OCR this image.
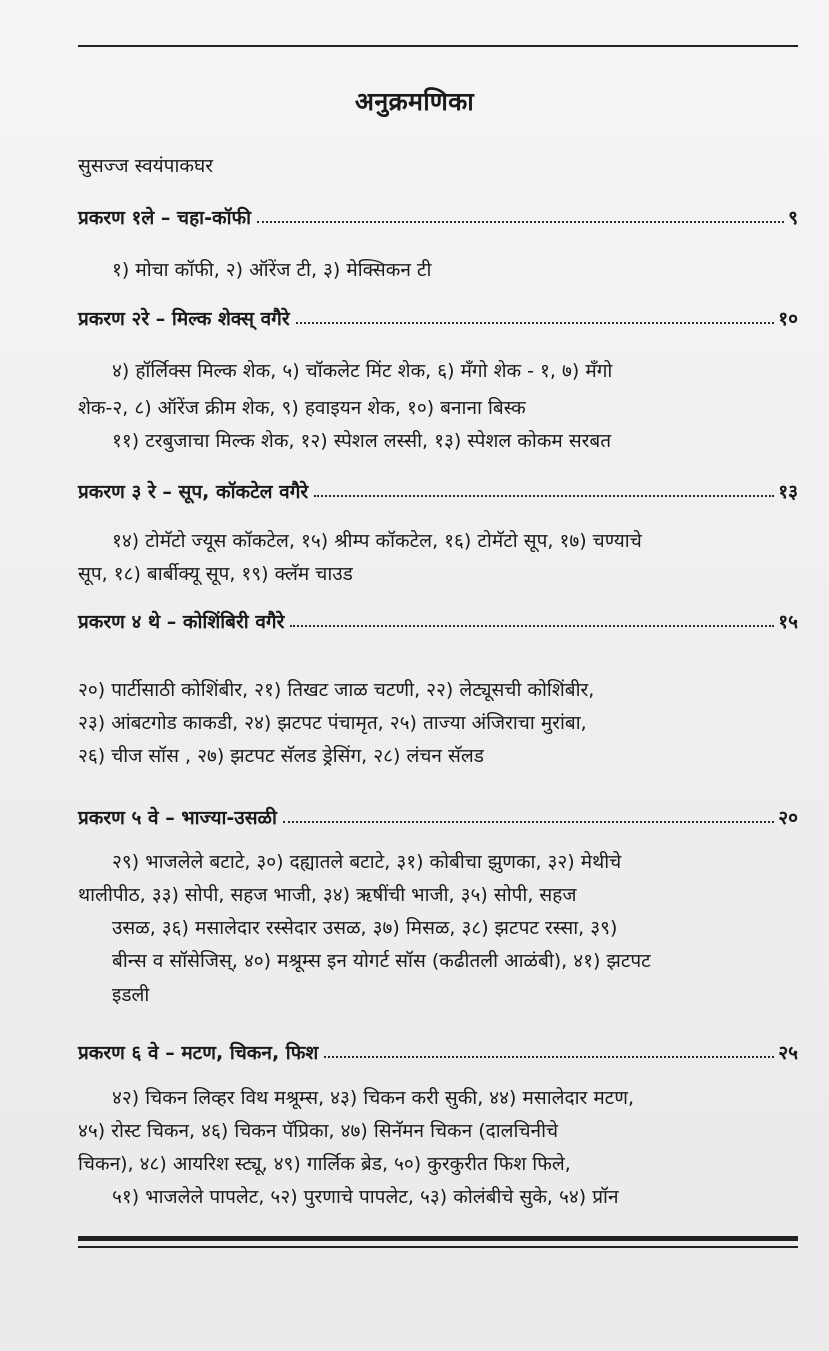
अनुक्रमणिका
सुसज्ज स्वयंपाकघर
प्रकरण १ले – चहा-कॉफी	९
१) मोचा कॉफी, २) ऑरेंज टी, ३) मेक्सिकन टी
प्रकरण २रे – मिल्क शेक्स् वगैरे	१०
४) हॉर्लिक्स मिल्क शेक, ५) चॉकलेट मिंट शेक, ६) मँगो शेक - १, ७) मँगो
शेक-२, ८) ऑरेंज क्रीम शेक, ९) हवाइयन शेक, १०) बनाना बिस्क
११) टरबुजाचा मिल्क शेक, १२) स्पेशल लस्सी, १३) स्पेशल कोकम सरबत
प्रकरण ३ रे – सूप, कॉकटेल वगैरे	१३
१४) टोमॅटो ज्यूस कॉकटेल, १५) श्रीम्प कॉकटेल, १६) टोमॅटो सूप, १७) चण्याचे
सूप, १८) बार्बीक्यू सूप, १९) क्लॅम चाउड
प्रकरण ४ थे – कोशिंबिरी वगैरे	१५
२०) पार्टीसाठी कोशिंबीर, २१) तिखट जाळ चटणी, २२) लेट्यूसची कोशिंबीर,
२३) आंबटगोड काकडी, २४) झटपट पंचामृत, २५) ताज्या अंजिराचा मुरांबा,
२६) चीज सॉस , २७) झटपट सॅलड ड्रेसिंग, २८) लंचन सॅलड
प्रकरण ५ वे – भाज्या-उसळी	२०
२९) भाजलेले बटाटे, ३०) दह्यातले बटाटे, ३१) कोबीचा झुणका, ३२) मेथीचे
थालीपीठ, ३३) सोपी, सहज भाजी, ३४) ऋषींची भाजी, ३५) सोपी, सहज
उसळ, ३६) मसालेदार रस्सेदार उसळ, ३७) मिसळ, ३८) झटपट रस्सा, ३९)
बीन्स व सॉसेजिस्, ४०) मश्रूम्स इन योगर्ट सॉस (कढीतली आळंबी), ४१) झटपट
इडली
प्रकरण ६ वे – मटण, चिकन, फिश	२५
४२) चिकन लिव्हर विथ मश्रूम्स, ४३) चिकन करी सुकी, ४४) मसालेदार मटण,
४५) रोस्ट चिकन, ४६) चिकन पॅप्रिका, ४७) सिनॅमन चिकन (दालचिनीचे
चिकन), ४८) आयरिश स्ट्यू, ४९) गार्लिक ब्रेड, ५०) कुरकुरीत फिश फिले,
५१) भाजलेले पापलेट, ५२) पुरणाचे पापलेट, ५३) कोलंबीचे सुके, ५४) प्रॉन
